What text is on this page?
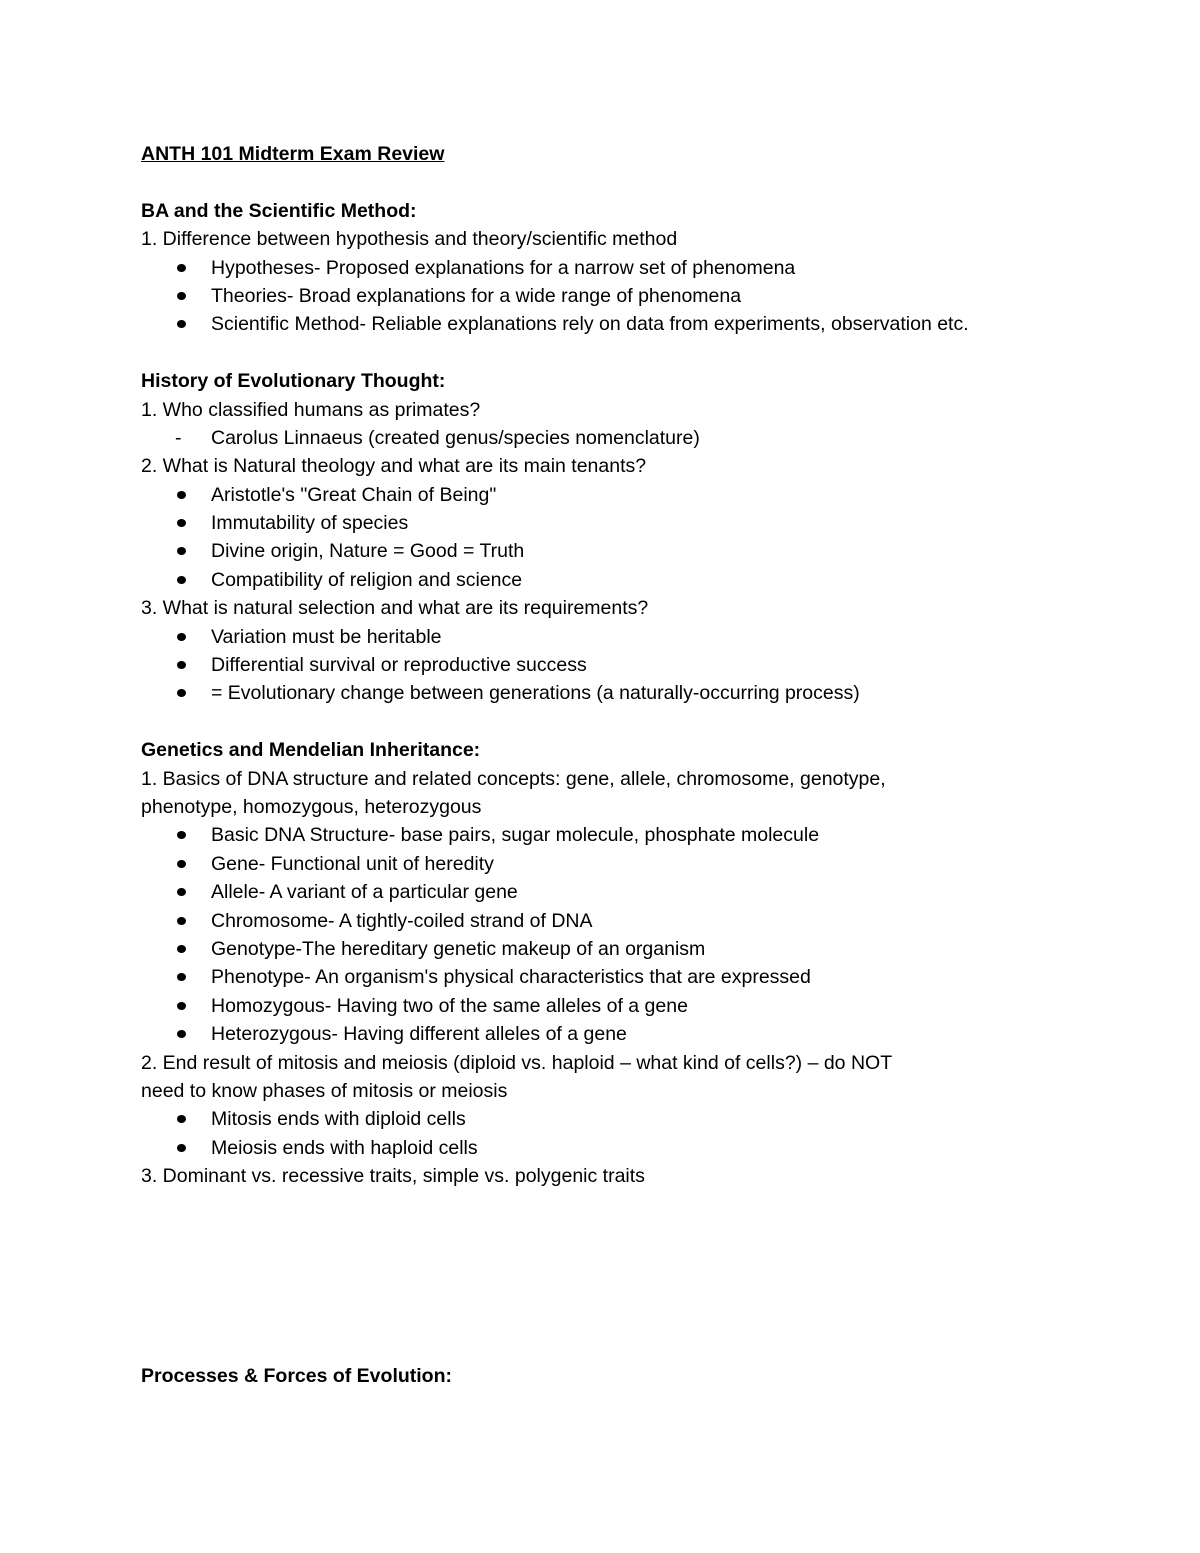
ANTH 101 Midterm Exam Review
BA and the Scientific Method:
1. Difference between hypothesis and theory/scientific method
Hypotheses- Proposed explanations for a narrow set of phenomena
Theories- Broad explanations for a wide range of phenomena
Scientific Method- Reliable explanations rely on data from experiments, observation etc.
History of Evolutionary Thought:
1. Who classified humans as primates?
- Carolus Linnaeus (created genus/species nomenclature)
2. What is Natural theology and what are its main tenants?
Aristotle's "Great Chain of Being"
Immutability of species
Divine origin, Nature = Good = Truth
Compatibility of religion and science
3. What is natural selection and what are its requirements?
Variation must be heritable
Differential survival or reproductive success
= Evolutionary change between generations (a naturally-occurring process)
Genetics and Mendelian Inheritance:
1. Basics of DNA structure and related concepts: gene, allele, chromosome, genotype,
phenotype, homozygous, heterozygous
Basic DNA Structure- base pairs, sugar molecule, phosphate molecule
Gene- Functional unit of heredity
Allele- A variant of a particular gene
Chromosome- A tightly-coiled strand of DNA
Genotype-The hereditary genetic makeup of an organism
Phenotype- An organism's physical characteristics that are expressed
Homozygous- Having two of the same alleles of a gene
Heterozygous- Having different alleles of a gene
2. End result of mitosis and meiosis (diploid vs. haploid – what kind of cells?) – do NOT
need to know phases of mitosis or meiosis
Mitosis ends with diploid cells
Meiosis ends with haploid cells
3. Dominant vs. recessive traits, simple vs. polygenic traits
Processes & Forces of Evolution:
